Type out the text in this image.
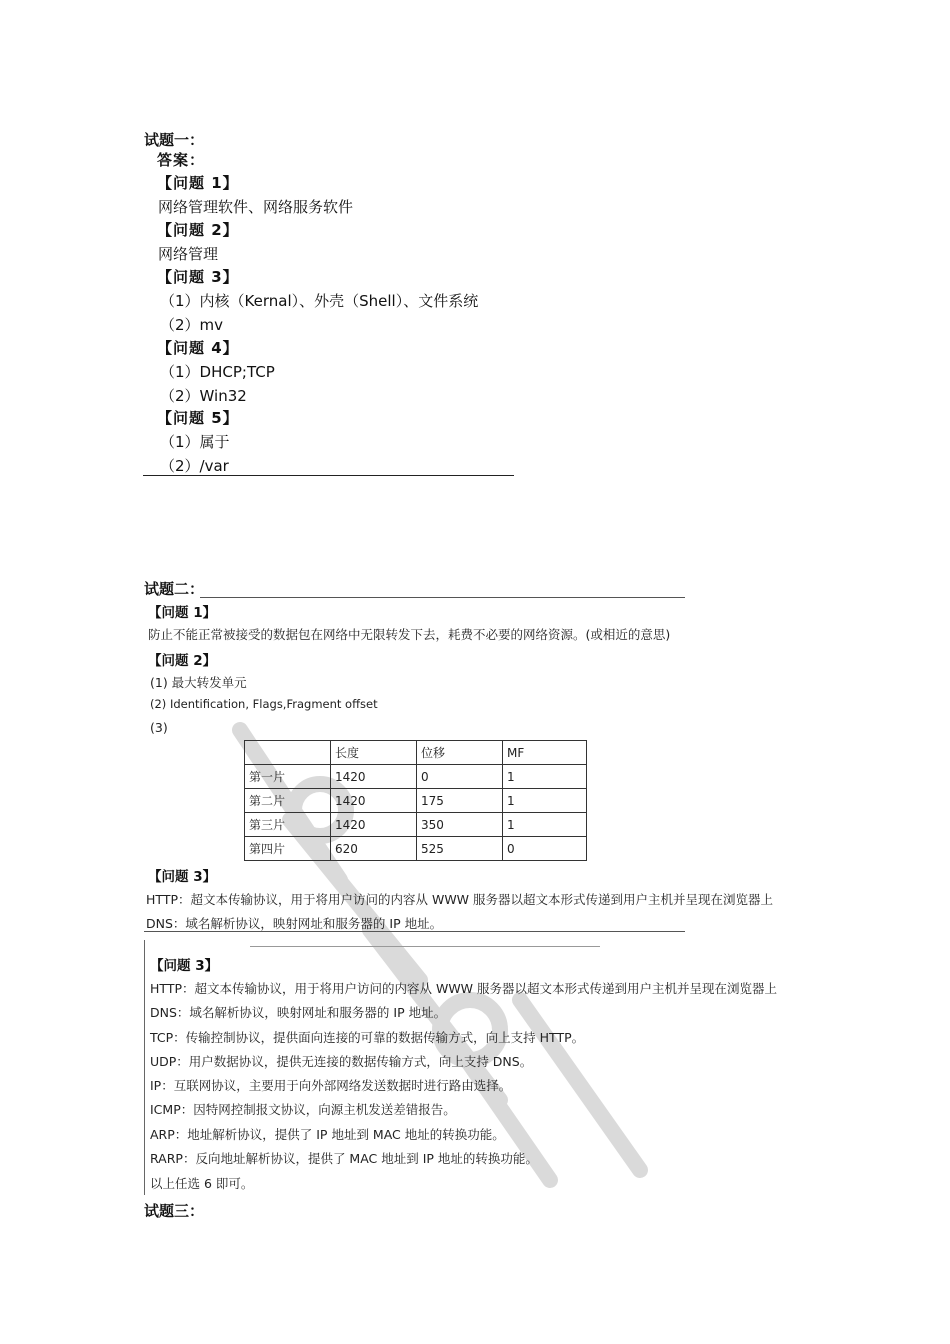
试题一：
答案：
【问题 1】
网络管理软件、网络服务软件
【问题 2】
网络管理
【问题 3】
（1）内核（Kernal）、外壳（Shell）、文件系统
（2）mv
【问题 4】
（1）DHCP;TCP
（2）Win32
【问题 5】
（1）属于
（2）/var
试题二：
【问题 1】
防止不能正常被接受的数据包在网络中无限转发下去，耗费不必要的网络资源。(或相近的意思)
【问题 2】
(1) 最大转发单元
(2) Identification, Flags,Fragment offset
(3)
	长度	位移	MF
第一片	1420	0	1
第二片	1420	175	1
第三片	1420	350	1
第四片	620	525	0
【问题 3】
HTTP：超文本传输协议，用于将用户访问的内容从 WWW 服务器以超文本形式传递到用户主机并呈现在浏览器上
DNS：域名解析协议，映射网址和服务器的 IP 地址。
【问题 3】
HTTP：超文本传输协议，用于将用户访问的内容从 WWW 服务器以超文本形式传递到用户主机并呈现在浏览器上
DNS：域名解析协议，映射网址和服务器的 IP 地址。
TCP：传输控制协议，提供面向连接的可靠的数据传输方式，向上支持 HTTP。
UDP：用户数据协议，提供无连接的数据传输方式，向上支持 DNS。
IP：互联网协议，主要用于向外部网络发送数据时进行路由选择。
ICMP：因特网控制报文协议，向源主机发送差错报告。
ARP：地址解析协议，提供了 IP 地址到 MAC 地址的转换功能。
RARP：反向地址解析协议，提供了 MAC 地址到 IP 地址的转换功能。
以上任选 6 即可。
试题三：
